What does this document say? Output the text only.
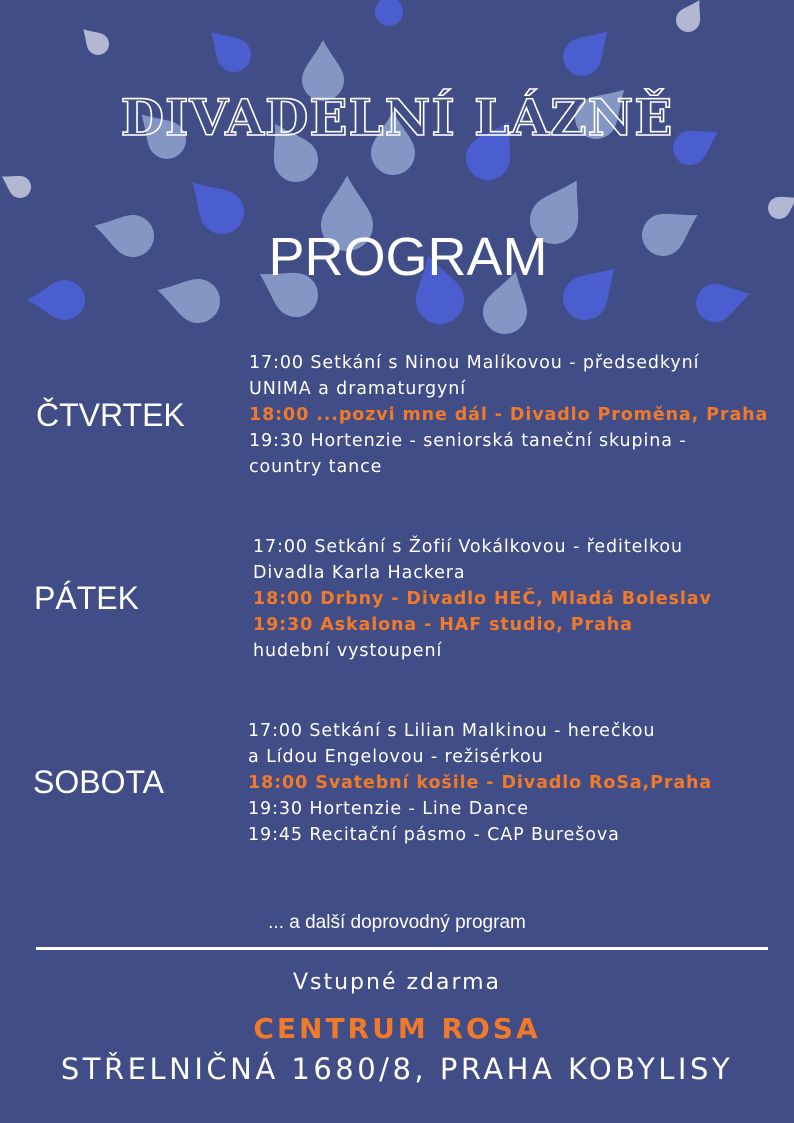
DIVADELNÍ LÁZNĚ
PROGRAM
ČTVRTEK
17:00 Setkání s Ninou Malíkovou - předsedkyní
UNIMA a dramaturgyní
18:00 ...pozvi mne dál - Divadlo Proměna, Praha
19:30 Hortenzie - seniorská taneční skupina -
country tance
PÁTEK
17:00 Setkání s Žofií Vokálkovou - ředitelkou
Divadla Karla Hackera
18:00 Drbny - Divadlo HEČ, Mladá Boleslav
19:30 Askalona - HAF studio, Praha
hudební vystoupení
SOBOTA
17:00 Setkání s Lilian Malkinou - herečkou
a Lídou Engelovou - režisérkou
18:00 Svatební košile - Divadlo RoSa,Praha
19:30 Hortenzie - Line Dance
19:45 Recitační pásmo - CAP Burešova
... a další doprovodný program
Vstupné zdarma
CENTRUM ROSA
STŘELNIČNÁ 1680/8, PRAHA KOBYLISY
